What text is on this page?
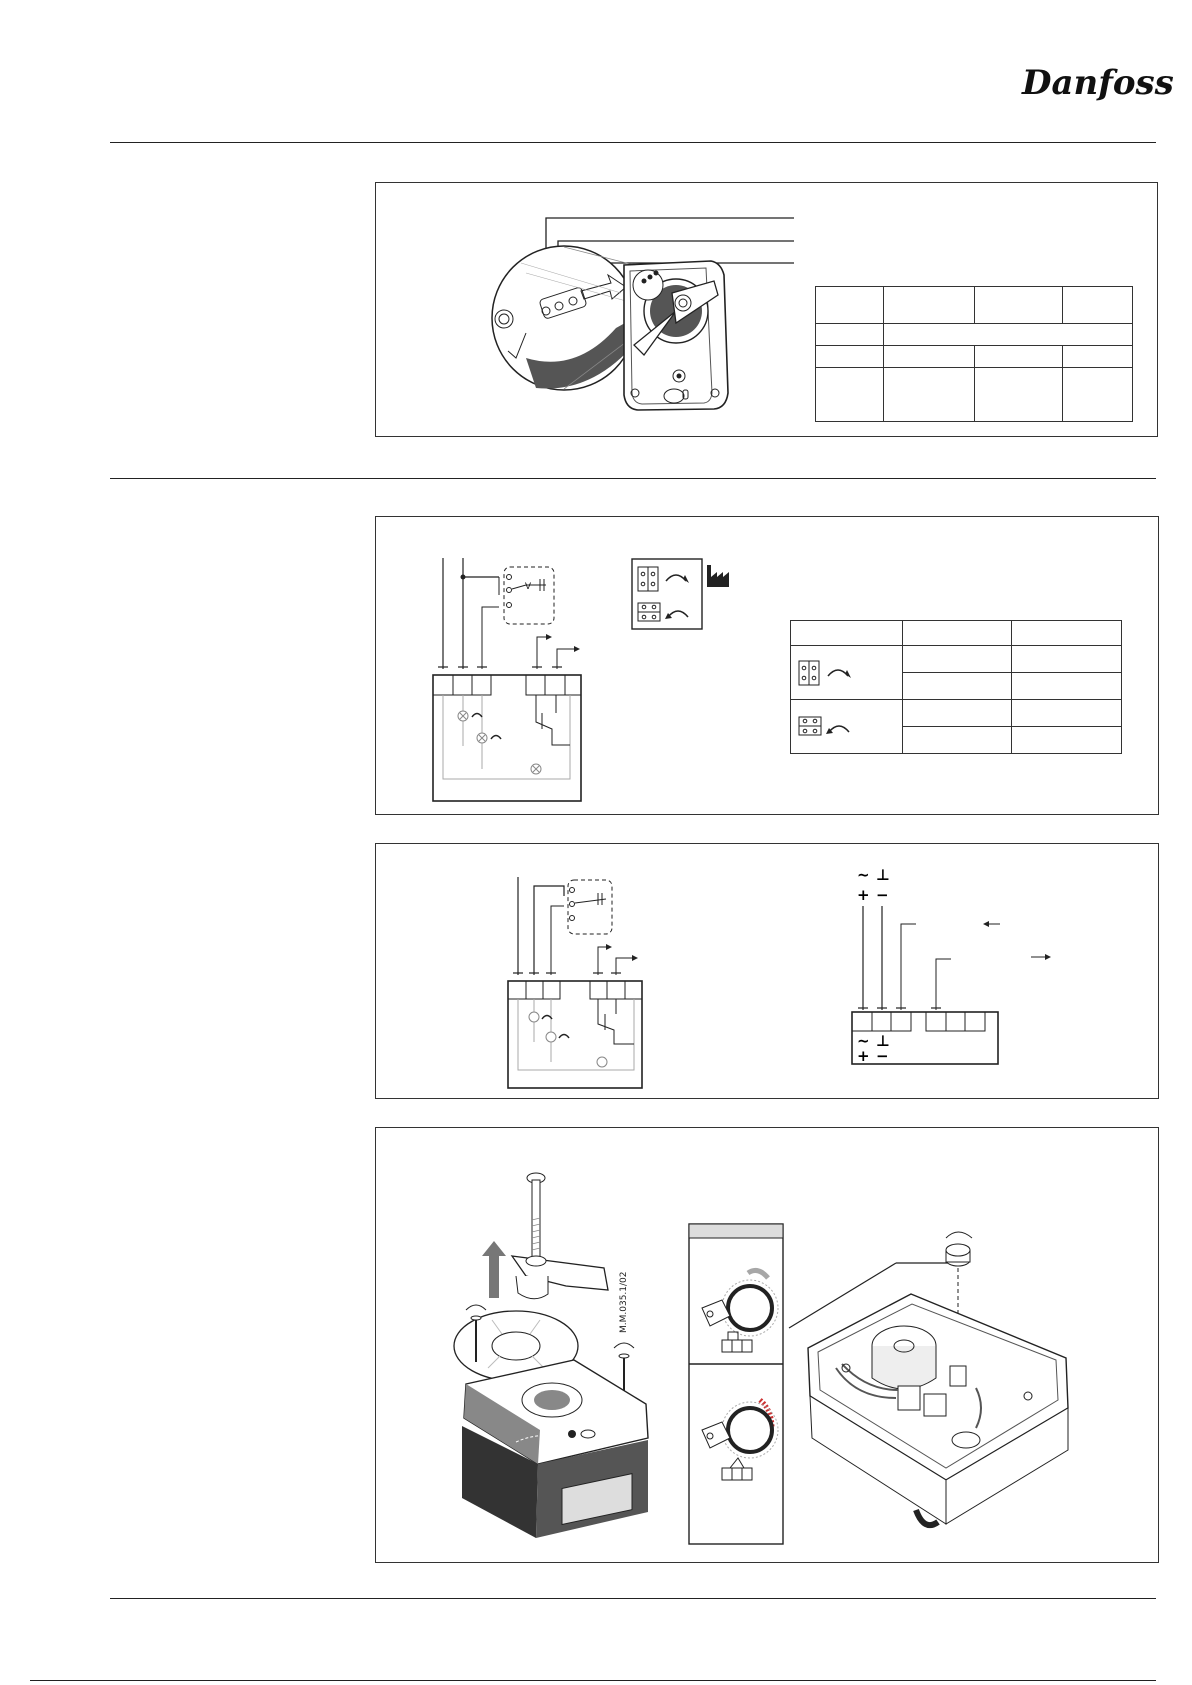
Danfoss

V

~ ⊥
+ −
~ ⊥
+ −
M.M.035.1/02
